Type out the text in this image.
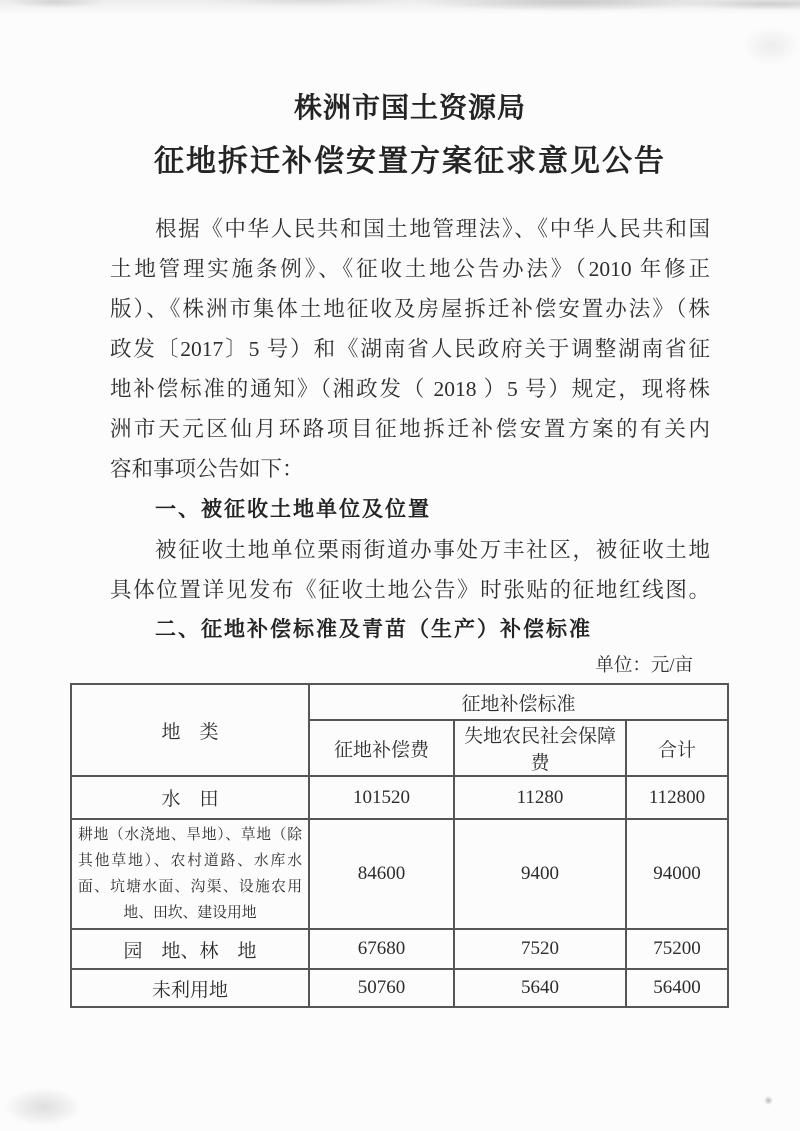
株洲市国土资源局
征地拆迁补偿安置方案征求意见公告
根据《中华人民共和国土地管理法》、《中华人民共和国
土地管理实施条例》、《征收土地公告办法》（2010 年修正
版）、《株洲市集体土地征收及房屋拆迁补偿安置办法》（株
政发〔2017〕5 号）和《湖南省人民政府关于调整湖南省征
地补偿标准的通知》（湘政发（ 2018 ）5 号）规定，现将株
洲市天元区仙月环路项目征地拆迁补偿安置方案的有关内
容和事项公告如下：
一、被征收土地单位及位置
被征收土地单位栗雨街道办事处万丰社区，被征收土地
具体位置详见发布《征收土地公告》时张贴的征地红线图。
二、征地补偿标准及青苗（生产）补偿标准
单位：元/亩
地　类	征地补偿标准		
	征地补偿费	失地农民社会保障费	合计
水　田	101520	11280	112800

耕地（水浇地、旱地）、草地（除
其他草地）、农村道路、水库水
面、坑塘水面、沟渠、设施农用
地、田坎、建设用地	84600	9400	94000
园　地、林　地	67680	7520	75200
未利用地	50760	5640	56400
